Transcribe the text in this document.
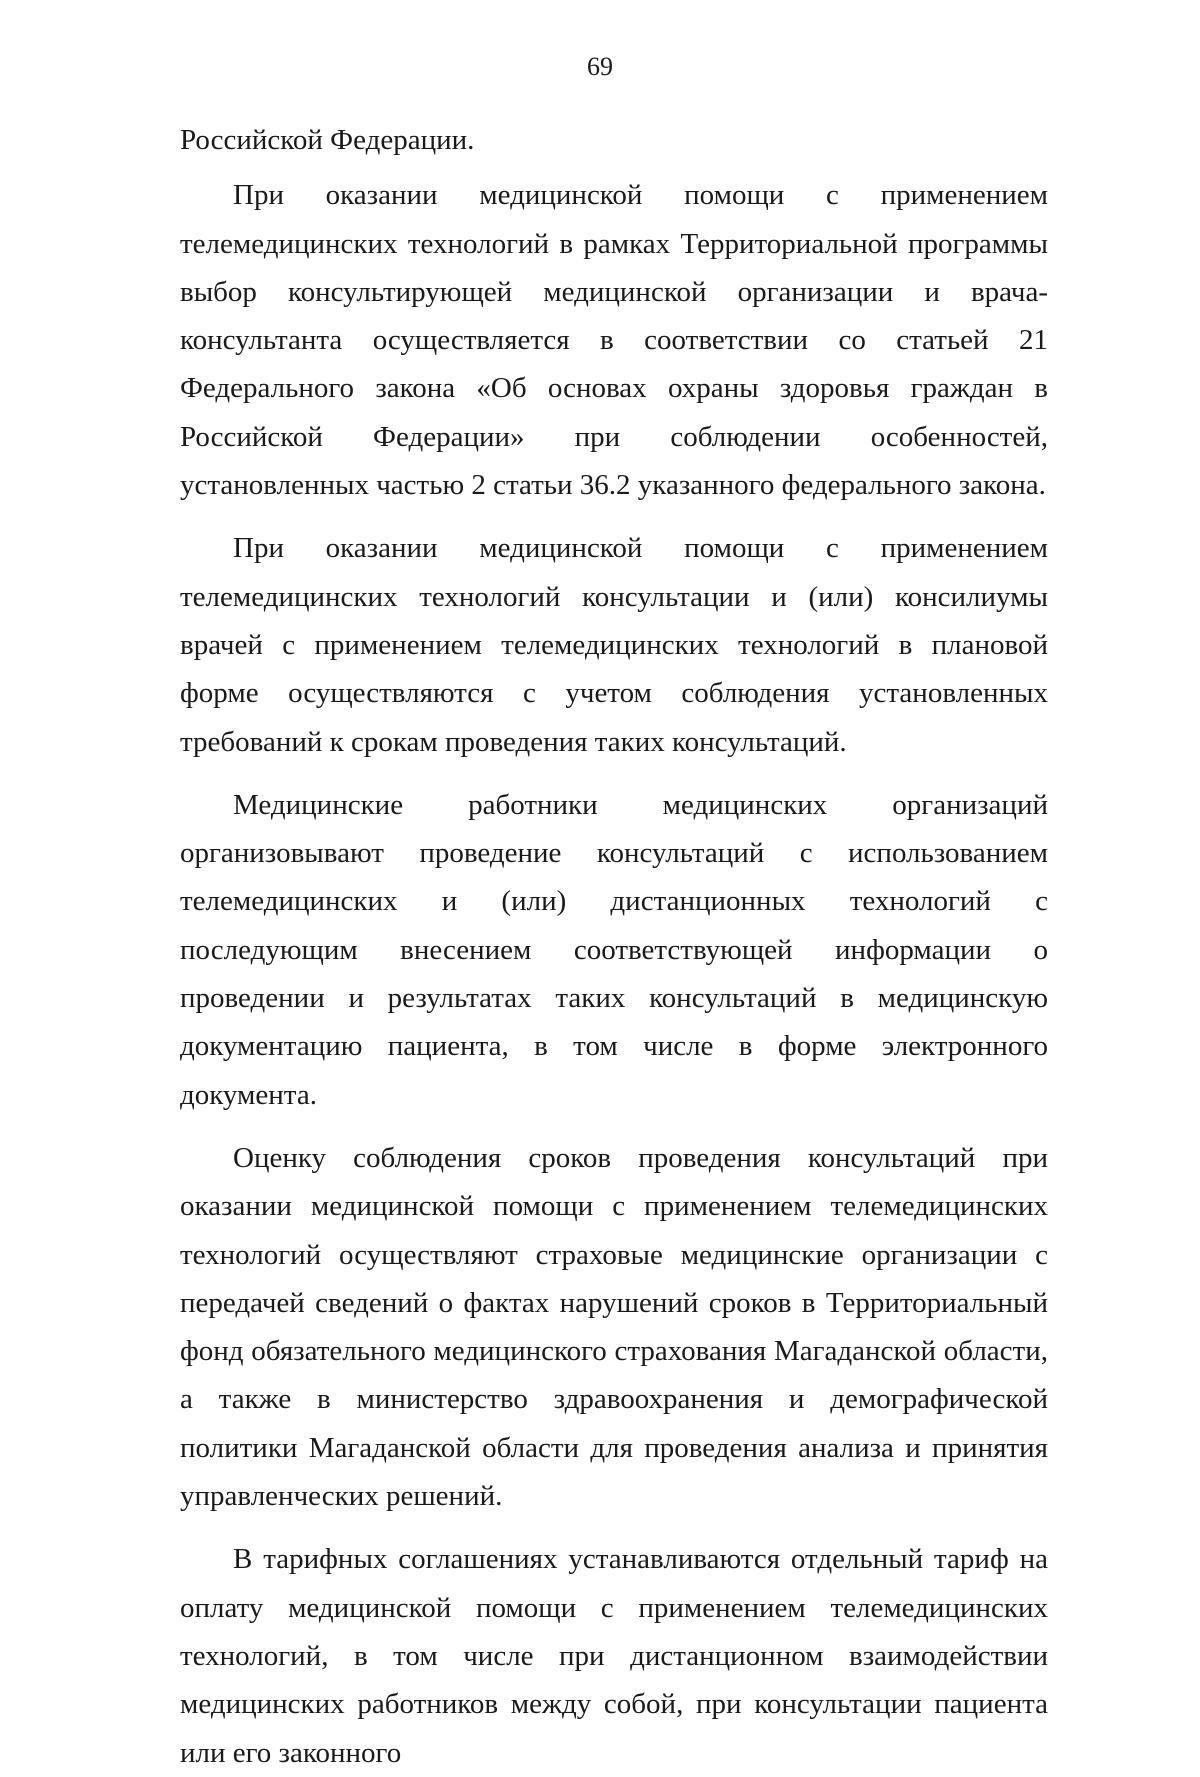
69

Российской Федерации.

При оказании медицинской помощи с применением телемедицинских технологий в рамках Территориальной программы выбор консультирующей медицинской организации и врача-консультанта осуществляется в соответствии со статьей 21 Федерального закона «Об основах охраны здоровья граждан в Российской Федерации» при соблюдении особенностей, установленных частью 2 статьи 36.2 указанного федерального закона.

При оказании медицинской помощи с применением телемедицинских технологий консультации и (или) консилиумы врачей с применением телемедицинских технологий в плановой форме осуществляются с учетом соблюдения установленных требований к срокам проведения таких консультаций.

Медицинские работники медицинских организаций организовывают проведение консультаций с использованием телемедицинских и (или) дистанционных технологий с последующим внесением соответствующей информации о проведении и результатах таких консультаций в медицинскую документацию пациента, в том числе в форме электронного документа.

Оценку соблюдения сроков проведения консультаций при оказании медицинской помощи с применением телемедицинских технологий осуществляют страховые медицинские организации с передачей сведений о фактах нарушений сроков в Территориальный фонд обязательного медицинского страхования Магаданской области, а также в министерство здравоохранения и демографической политики Магаданской области для проведения анализа и принятия управленческих решений.

В тарифных соглашениях устанавливаются отдельный тариф на оплату медицинской помощи с применением телемедицинских технологий, в том числе при дистанционном взаимодействии медицинских работников между собой, при консультации пациента или его законного
